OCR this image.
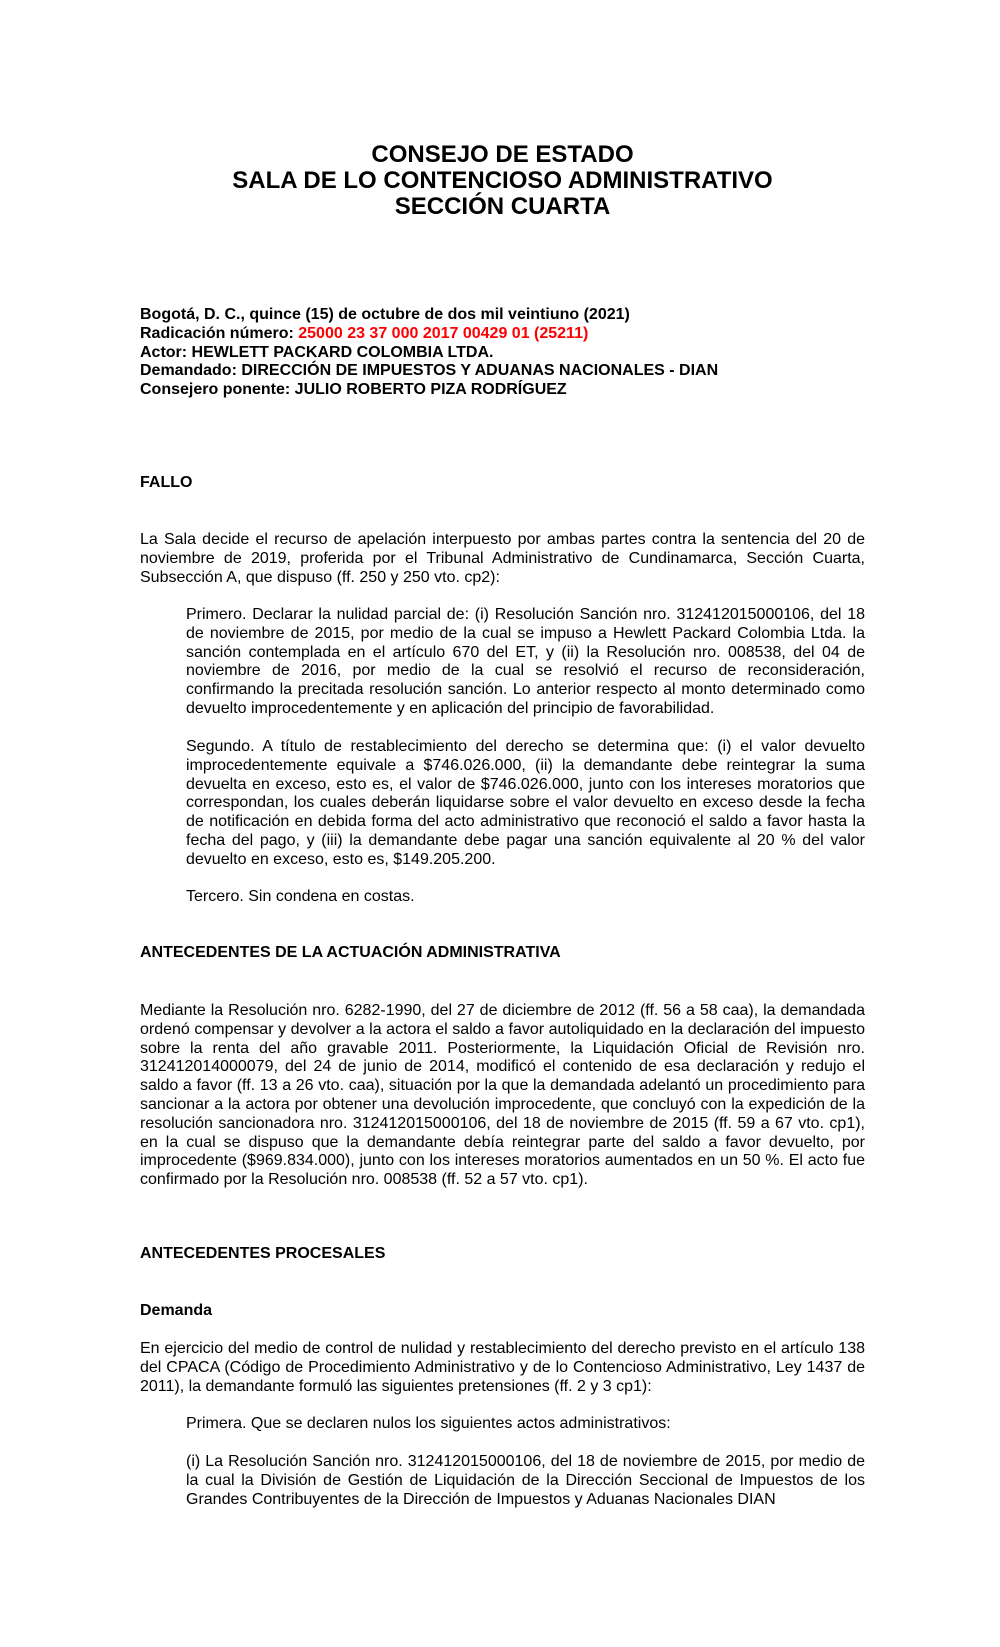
CONSEJO DE ESTADO
SALA DE LO CONTENCIOSO ADMINISTRATIVO
SECCIÓN CUARTA
Bogotá, D. C., quince (15) de octubre de dos mil veintiuno (2021)
Radicación número: 25000 23 37 000 2017 00429 01 (25211)
Actor: HEWLETT PACKARD COLOMBIA LTDA.
Demandado: DIRECCIÓN DE IMPUESTOS Y ADUANAS NACIONALES - DIAN
Consejero ponente: JULIO ROBERTO PIZA RODRÍGUEZ
FALLO

La Sala decide el recurso de apelación interpuesto por ambas partes contra la sentencia del 20 de noviembre de 2019, proferida por el Tribunal Administrativo de Cundinamarca, Sección Cuarta, Subsección A, que dispuso (ff. 250 y 250 vto. cp2):

Primero. Declarar la nulidad parcial de: (i) Resolución Sanción nro. 312412015000106, del 18 de noviembre de 2015, por medio de la cual se impuso a Hewlett Packard Colombia Ltda. la sanción contemplada en el artículo 670 del ET, y (ii) la Resolución nro. 008538, del 04 de noviembre de 2016, por medio de la cual se resolvió el recurso de reconsideración, confirmando la precitada resolución sanción. Lo anterior respecto al monto determinado como devuelto improcedentemente y en aplicación del principio de favorabilidad.

Segundo. A título de restablecimiento del derecho se determina que: (i) el valor devuelto improcedentemente equivale a $746.026.000, (ii) la demandante debe reintegrar la suma devuelta en exceso, esto es, el valor de $746.026.000, junto con los intereses moratorios que correspondan, los cuales deberán liquidarse sobre el valor devuelto en exceso desde la fecha de notificación en debida forma del acto administrativo que reconoció el saldo a favor hasta la fecha del pago, y (iii) la demandante debe pagar una sanción equivalente al 20 % del valor devuelto en exceso, esto es, $149.205.200.

Tercero. Sin condena en costas.

ANTECEDENTES DE LA ACTUACIÓN ADMINISTRATIVA

Mediante la Resolución nro. 6282-1990, del 27 de diciembre de 2012 (ff. 56 a 58 caa), la demandada ordenó compensar y devolver a la actora el saldo a favor autoliquidado en la declaración del impuesto sobre la renta del año gravable 2011. Posteriormente, la Liquidación Oficial de Revisión nro. 312412014000079, del 24 de junio de 2014, modificó el contenido de esa declaración y redujo el saldo a favor (ff. 13 a 26 vto. caa), situación por la que la demandada adelantó un procedimiento para sancionar a la actora por obtener una devolución improcedente, que concluyó con la expedición de la resolución sancionadora nro. 312412015000106, del 18 de noviembre de 2015 (ff. 59 a 67 vto. cp1), en la cual se dispuso que la demandante debía reintegrar parte del saldo a favor devuelto, por improcedente ($969.834.000), junto con los intereses moratorios aumentados en un 50 %. El acto fue confirmado por la Resolución nro. 008538 (ff. 52 a 57 vto. cp1).

ANTECEDENTES PROCESALES
Demanda

En ejercicio del medio de control de nulidad y restablecimiento del derecho previsto en el artículo 138 del CPACA (Código de Procedimiento Administrativo y de lo Contencioso Administrativo, Ley 1437 de 2011), la demandante formuló las siguientes pretensiones (ff. 2 y 3 cp1):

Primera. Que se declaren nulos los siguientes actos administrativos:

(i) La Resolución Sanción nro. 312412015000106, del 18 de noviembre de 2015, por medio de la cual la División de Gestión de Liquidación de la Dirección Seccional de Impuestos de los Grandes Contribuyentes de la Dirección de Impuestos y Aduanas Nacionales DIAN
